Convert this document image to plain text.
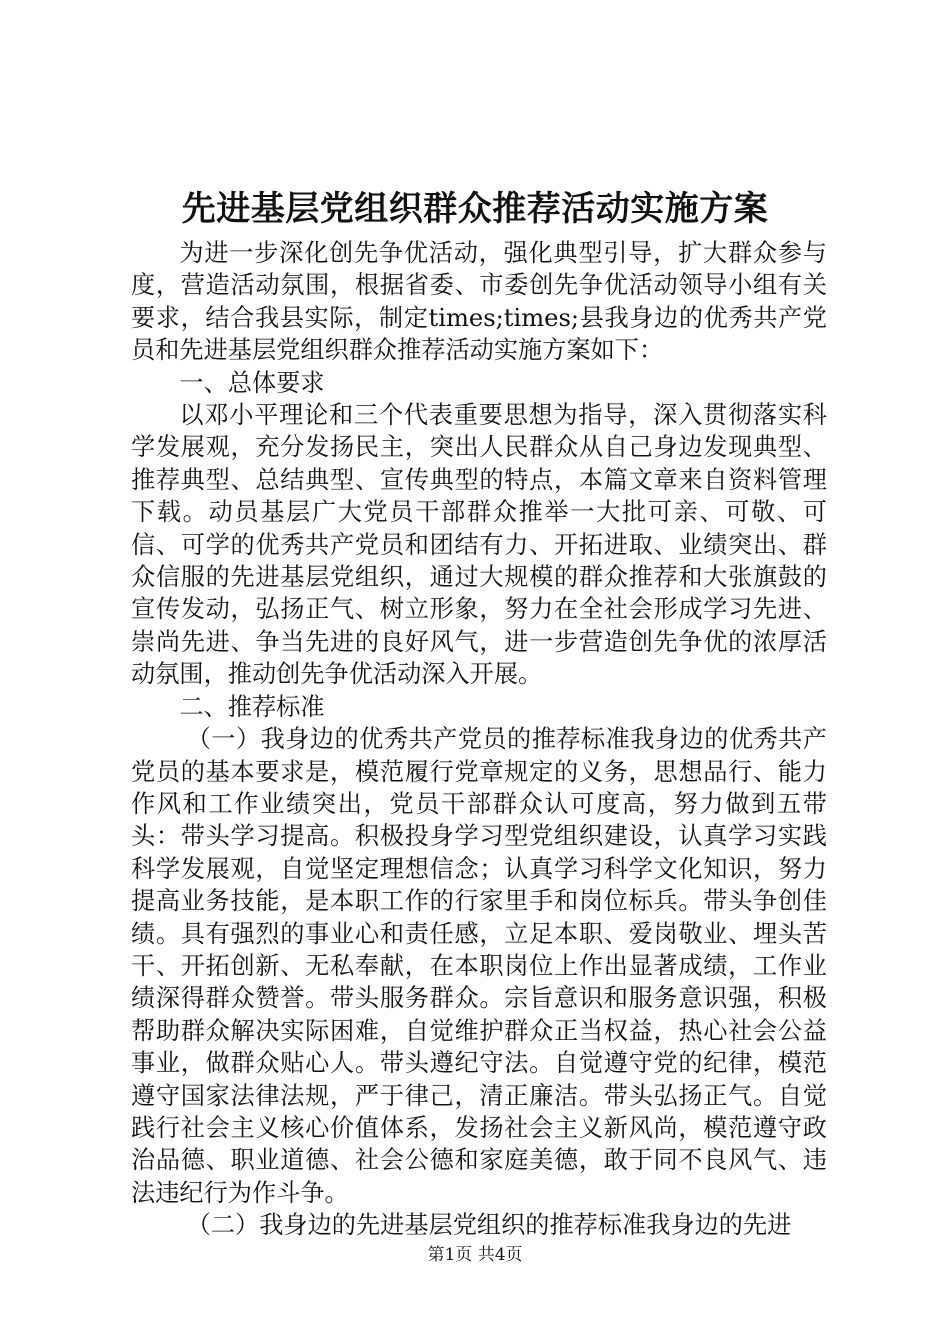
先进基层党组织群众推荐活动实施方案

为进一步深化创先争优活动，强化典型引导，扩大群众参与度，营造活动氛围，根据省委、市委创先争优活动领导小组有关要求，结合我县实际，制定times;times;县我身边的优秀共产党员和先进基层党组织群众推荐活动实施方案如下：

一、总体要求

以邓小平理论和三个代表重要思想为指导，深入贯彻落实科学发展观，充分发扬民主，突出人民群众从自己身边发现典型、推荐典型、总结典型、宣传典型的特点，本篇文章来自资料管理下载。动员基层广大党员干部群众推举一大批可亲、可敬、可信、可学的优秀共产党员和团结有力、开拓进取、业绩突出、群众信服的先进基层党组织，通过大规模的群众推荐和大张旗鼓的宣传发动，弘扬正气、树立形象，努力在全社会形成学习先进、崇尚先进、争当先进的良好风气，进一步营造创先争优的浓厚活动氛围，推动创先争优活动深入开展。

二、推荐标准

（一）我身边的优秀共产党员的推荐标准我身边的优秀共产党员的基本要求是，模范履行党章规定的义务，思想品行、能力作风和工作业绩突出，党员干部群众认可度高，努力做到五带头：带头学习提高。积极投身学习型党组织建设，认真学习实践科学发展观，自觉坚定理想信念；认真学习科学文化知识，努力提高业务技能，是本职工作的行家里手和岗位标兵。带头争创佳绩。具有强烈的事业心和责任感，立足本职、爱岗敬业、埋头苦干、开拓创新、无私奉献，在本职岗位上作出显著成绩，工作业绩深得群众赞誉。带头服务群众。宗旨意识和服务意识强，积极帮助群众解决实际困难，自觉维护群众正当权益，热心社会公益事业，做群众贴心人。带头遵纪守法。自觉遵守党的纪律，模范遵守国家法律法规，严于律己，清正廉洁。带头弘扬正气。自觉践行社会主义核心价值体系，发扬社会主义新风尚，模范遵守政治品德、职业道德、社会公德和家庭美德，敢于同不良风气、违法违纪行为作斗争。

（二）我身边的先进基层党组织的推荐标准我身边的先进

第1页 共4页
